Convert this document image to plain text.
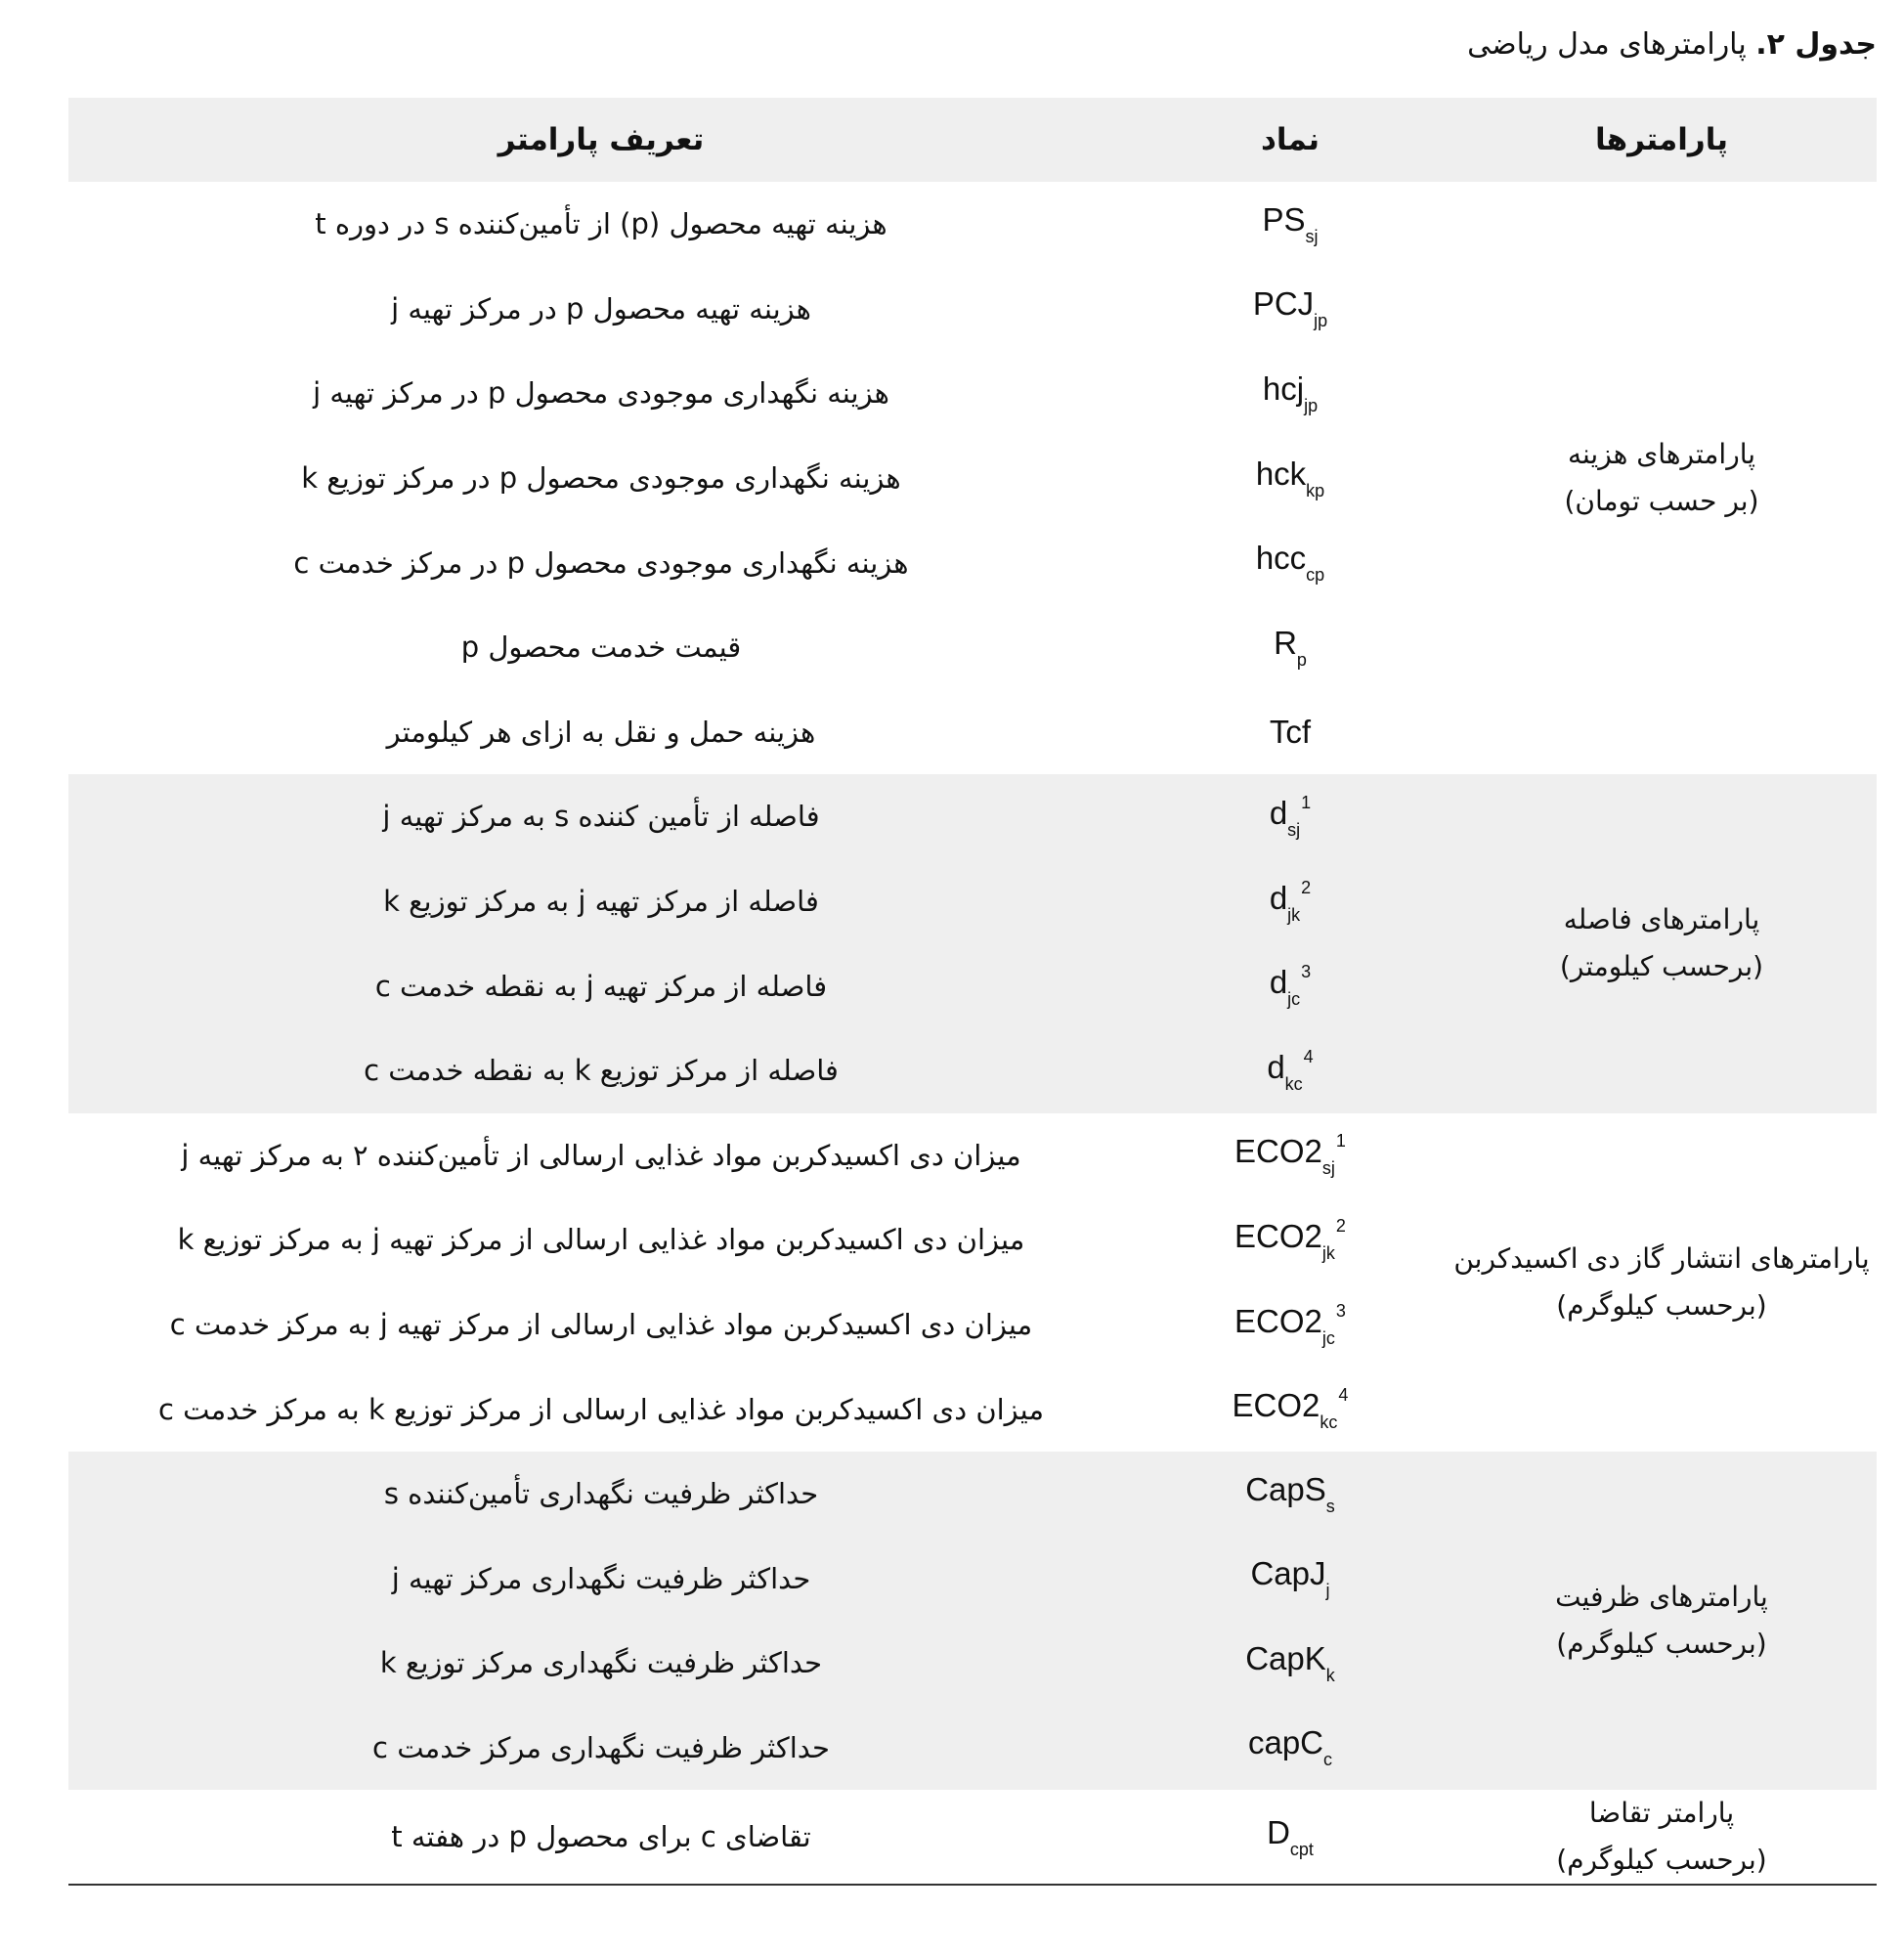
جدول ۲. پارامترهای مدل ریاضی
پارامترها	نماد	تعریف پارامتر

پارامترهای هزینه
(بر حسب تومان)	$PS_{sj}$	هزینه تهیه محصول (p) از تأمین‌کننده s در دوره t
	$PCJ_{jp}$	هزینه تهیه محصول p در مرکز تهیه j
	hcj$_{jp}$	هزینه نگهداری موجودی محصول p در مرکز تهیه j
	hck$_{kp}$	هزینه نگهداری موجودی محصول p در مرکز توزیع k
	hcc$_{cp}$	هزینه نگهداری موجودی محصول p در مرکز خدمت c
	$R_p$	قیمت خدمت محصول p
	Tcf	هزینه حمل و نقل به ازای هر کیلومتر

پارامترهای فاصله
(برحسب کیلومتر)	$d_{sj}^1$	فاصله از تأمین کننده s به مرکز تهیه j
	$d_{jk}^2$	فاصله از مرکز تهیه j به مرکز توزیع k
	$d_{jc}^3$	فاصله از مرکز تهیه j به نقطه خدمت c
	$d_{kc}^4$	فاصله از مرکز توزیع k به نقطه خدمت c

پارامترهای انتشار گاز دی اکسیدکربن
(برحسب کیلوگرم)	$ECO2_{sj}^1$	میزان دی اکسیدکربن مواد غذایی ارسالی از تأمین‌کننده ۲ به مرکز تهیه j
	$ECO2_{jk}^2$	میزان دی اکسیدکربن مواد غذایی ارسالی از مرکز تهیه j به مرکز توزیع k
	$ECO2_{jc}^3$	میزان دی اکسیدکربن مواد غذایی ارسالی از مرکز تهیه j به مرکز خدمت c
	$ECO2_{kc}^4$	میزان دی اکسیدکربن مواد غذایی ارسالی از مرکز توزیع k به مرکز خدمت c

پارامترهای ظرفیت
(برحسب کیلوگرم)	CapS$_s$	حداکثر ظرفیت نگهداری تأمین‌کننده s
	CapJ$_j$	حداکثر ظرفیت نگهداری مرکز تهیه j
	CapK$_k$	حداکثر ظرفیت نگهداری مرکز توزیع k
	capC$_c$	حداکثر ظرفیت نگهداری مرکز خدمت c

پارامتر تقاضا
(برحسب کیلوگرم)	$D_{cpt}$	تقاضای c برای محصول p در هفته t
